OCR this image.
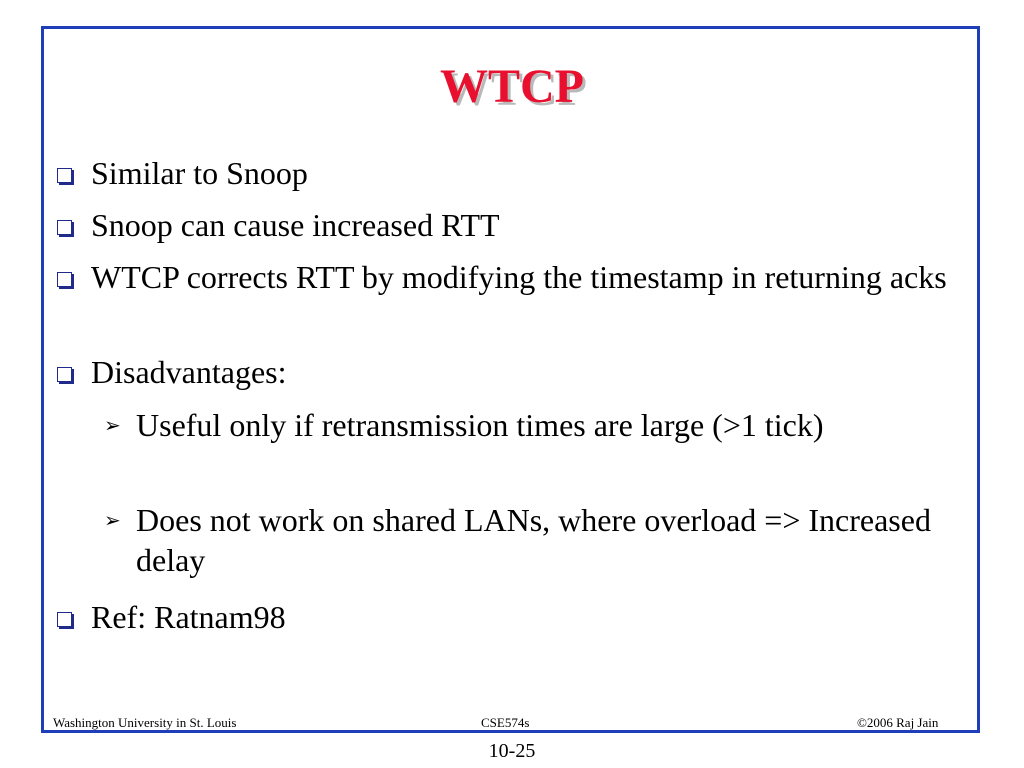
WTCP
Similar to Snoop
Snoop can cause increased RTT
WTCP corrects RTT by modifying the timestamp in returning acks
Disadvantages:
➢ Useful only if retransmission times are large (>1 tick)
➢ Does not work on shared LANs, where overload => Increased delay
Ref: Ratnam98
Washington University in St. Louis	CSE574s	©2006 Raj Jain
10-25
